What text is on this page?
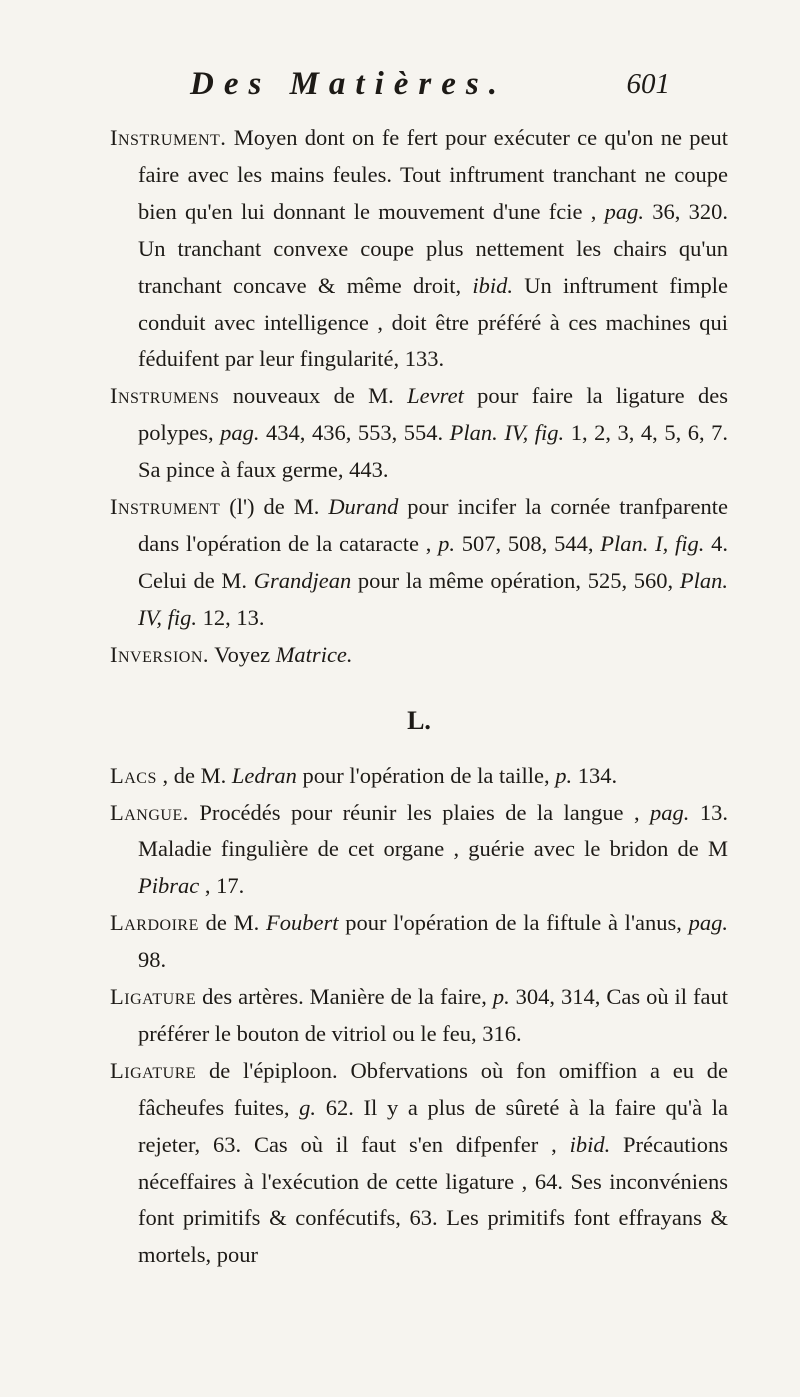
Des Matières.	601

Instrument. Moyen dont on fe fert pour exécuter ce qu'on ne peut faire avec les mains feules. Tout inftrument tranchant ne coupe bien qu'en lui donnant le mouvement d'une fcie , pag. 36, 320. Un tranchant convexe coupe plus nettement les chairs qu'un tranchant concave & même droit, ibid. Un inftrument fimple conduit avec intelligence , doit être préféré à ces machines qui féduifent par leur fingularité, 133.

Instrumens nouveaux de M. Levret pour faire la ligature des polypes, pag. 434, 436, 553, 554. Plan. IV, fig. 1, 2, 3, 4, 5, 6, 7. Sa pince à faux germe, 443.

Instrument (l') de M. Durand pour incifer la cornée tranfparente dans l'opération de la cataracte , p. 507, 508, 544, Plan. I, fig. 4. Celui de M. Grandjean pour la même opération, 525, 560, Plan. IV, fig. 12, 13.

Inversion. Voyez Matrice.

L.

Lacs , de M. Ledran pour l'opération de la taille, p. 134.

Langue. Procédés pour réunir les plaies de la langue , pag. 13. Maladie fingulière de cet organe , guérie avec le bridon de M Pibrac , 17.

Lardoire de M. Foubert pour l'opération de la fiftule à l'anus, pag. 98.

Ligature des artères. Manière de la faire, p. 304, 314, Cas où il faut préférer le bouton de vitriol ou le feu, 316.

Ligature de l'épiploon. Obfervations où fon omiffion a eu de fâcheufes fuites, g. 62. Il y a plus de sûreté à la faire qu'à la rejeter, 63. Cas où il faut s'en difpenfer , ibid. Précautions néceffaires à l'exécution de cette ligature , 64. Ses inconvéniens font primitifs & confécutifs, 63. Les primitifs font effrayans & mortels, pour
